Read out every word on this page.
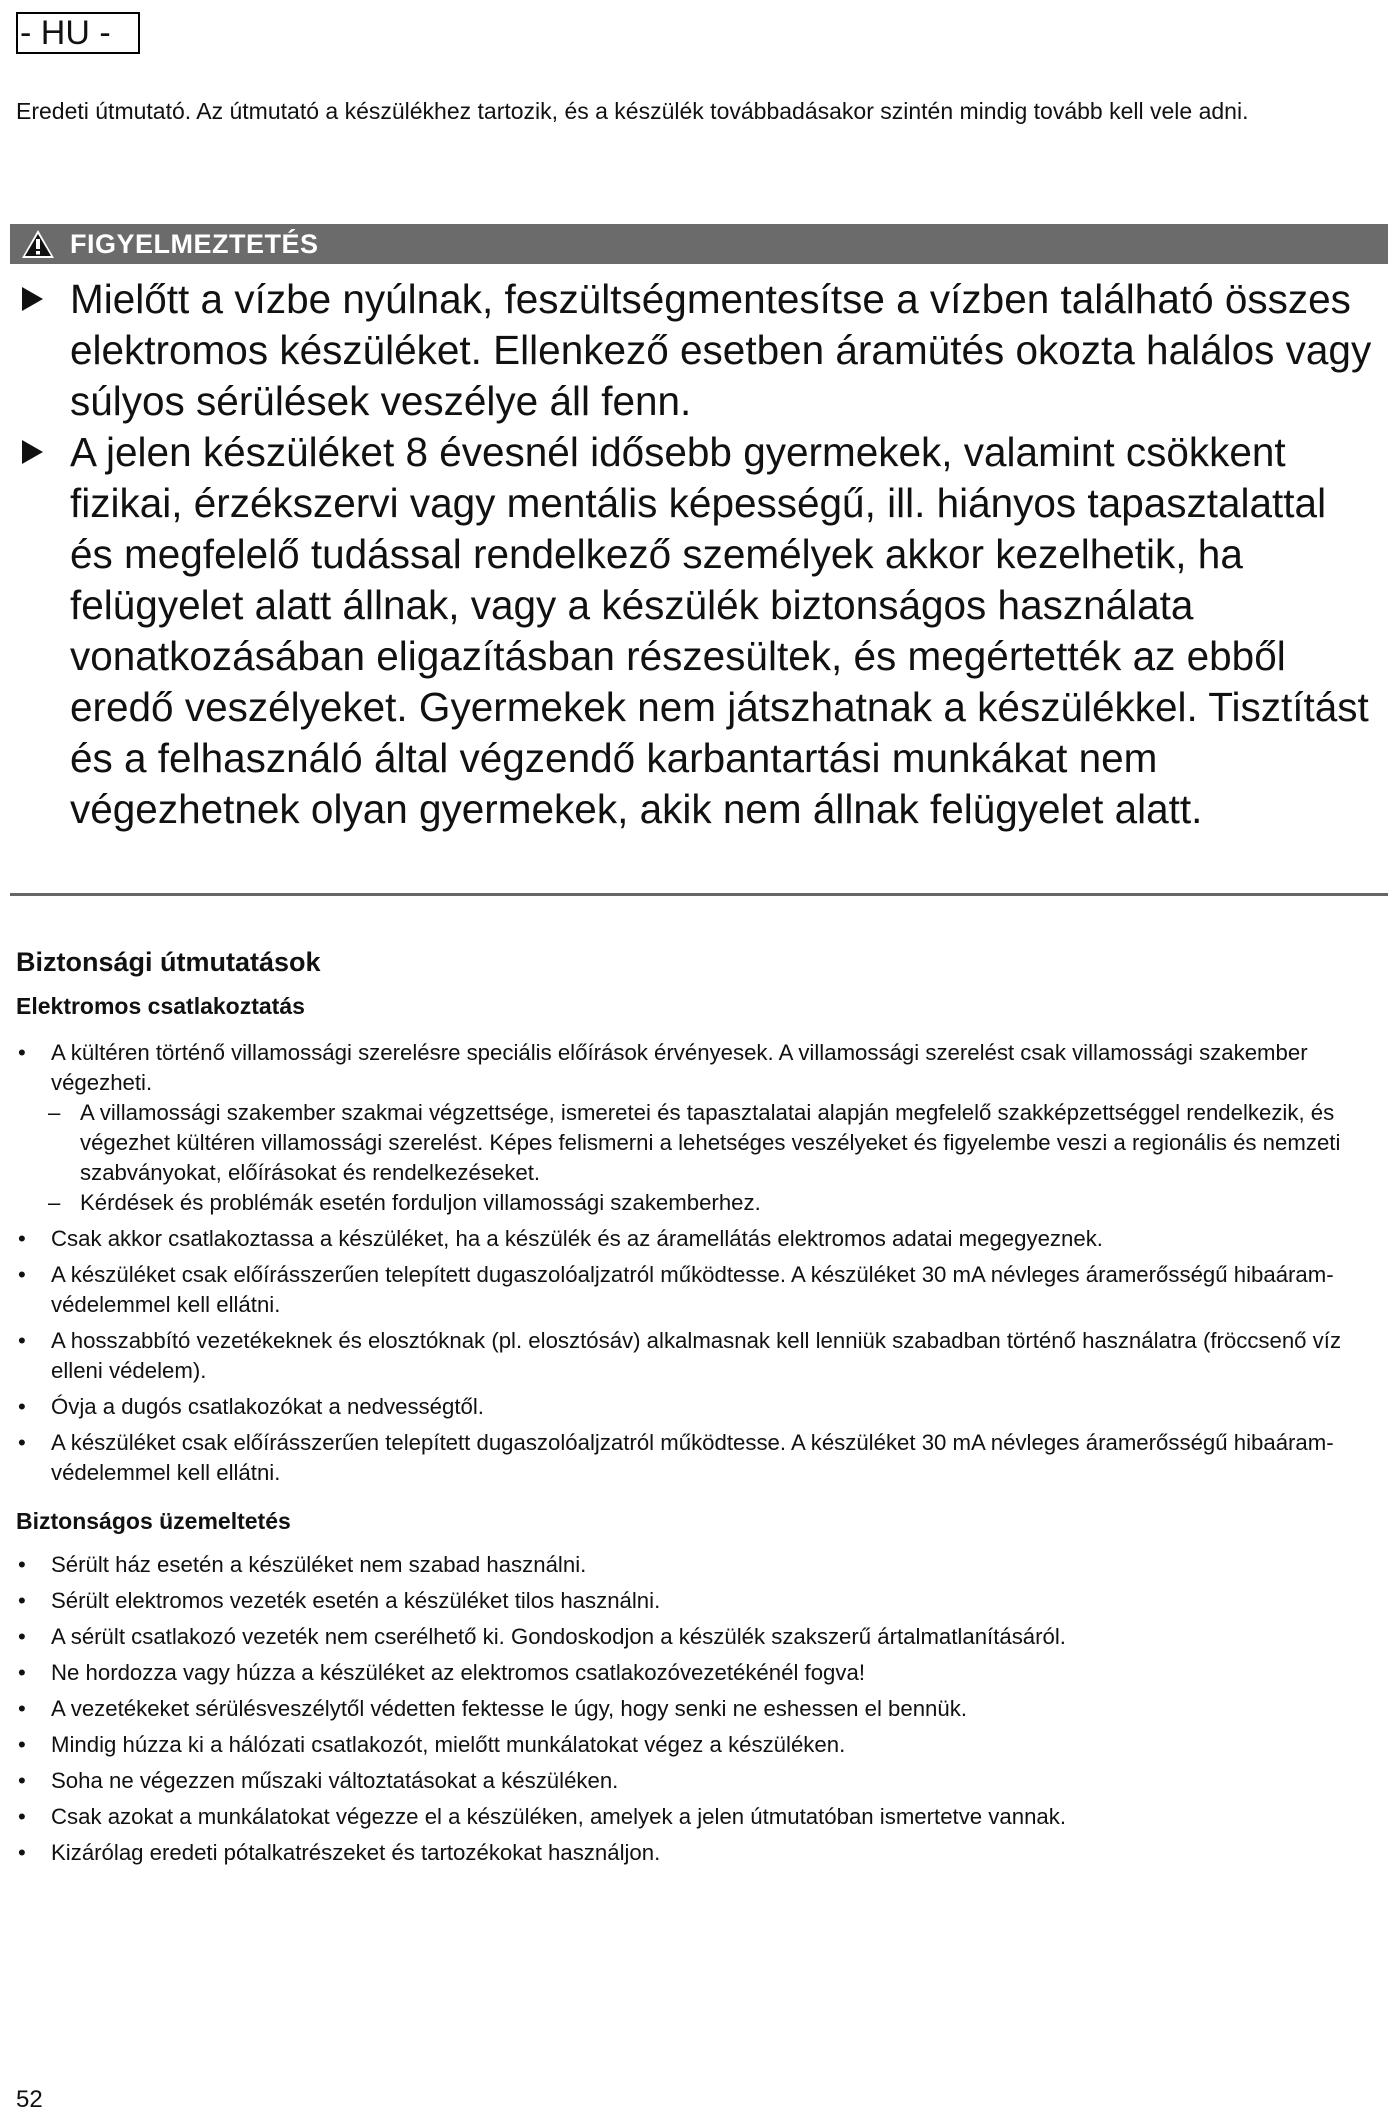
- HU -
Eredeti útmutató. Az útmutató a készülékhez tartozik, és a készülék továbbadásakor szintén mindig tovább kell vele adni.
FIGYELMEZTETÉS
Mielőtt a vízbe nyúlnak, feszültségmentesítse a vízben található összes elektromos készüléket. Ellenkező esetben áramütés okozta halálos vagy súlyos sérülések veszélye áll fenn.
A jelen készüléket 8 évesnél idősebb gyermekek, valamint csökkent fizikai, érzékszervi vagy mentális képességű, ill. hiányos tapasztalattal és megfelelő tudással rendelkező személyek akkor kezelhetik, ha felügyelet alatt állnak, vagy a készülék biztonságos használata vonatkozásában eligazításban részesültek, és megértették az ebből eredő veszélyeket. Gyermekek nem játszhatnak a készülékkel. Tisztítást és a felhasználó által végzendő karbantartási munkákat nem végezhetnek olyan gyermekek, akik nem állnak felügyelet alatt.
Biztonsági útmutatások
Elektromos csatlakoztatás
•	A kültéren történő villamossági szerelésre speciális előírások érvényesek. A villamossági szerelést csak villamossági szakember végezheti.
– A villamossági szakember szakmai végzettsége, ismeretei és tapasztalatai alapján megfelelő szakképzettséggel rendelkezik, és végezhet kültéren villamossági szerelést. Képes felismerni a lehetséges veszélyeket és figyelembe veszi a regionális és nemzeti szabványokat, előírásokat és rendelkezéseket.
– Kérdések és problémák esetén forduljon villamossági szakemberhez.
•	Csak akkor csatlakoztassa a készüléket, ha a készülék és az áramellátás elektromos adatai megegyeznek.
•	A készüléket csak előírásszerűen telepített dugaszolóaljzatról működtesse. A készüléket 30 mA névleges áramerősségű hibaáram-védelemmel kell ellátni.
•	A hosszabbító vezetékeknek és elosztóknak (pl. elosztósáv) alkalmasnak kell lenniük szabadban történő használatra (fröccsenő víz elleni védelem).
•	Óvja a dugós csatlakozókat a nedvességtől.
•	A készüléket csak előírásszerűen telepített dugaszolóaljzatról működtesse. A készüléket 30 mA névleges áramerősségű hibaáram-védelemmel kell ellátni.
Biztonságos üzemeltetés
•	Sérült ház esetén a készüléket nem szabad használni.
•	Sérült elektromos vezeték esetén a készüléket tilos használni.
•	A sérült csatlakozó vezeték nem cserélhető ki. Gondoskodjon a készülék szakszerű ártalmatlanításáról.
•	Ne hordozza vagy húzza a készüléket az elektromos csatlakozóvezetékénél fogva!
•	A vezetékeket sérülésveszélytől védetten fektesse le úgy, hogy senki ne eshessen el bennük.
•	Mindig húzza ki a hálózati csatlakozót, mielőtt munkálatokat végez a készüléken.
•	Soha ne végezzen műszaki változtatásokat a készüléken.
•	Csak azokat a munkálatokat végezze el a készüléken, amelyek a jelen útmutatóban ismertetve vannak.
•	Kizárólag eredeti pótalkatrészeket és tartozékokat használjon.
52
